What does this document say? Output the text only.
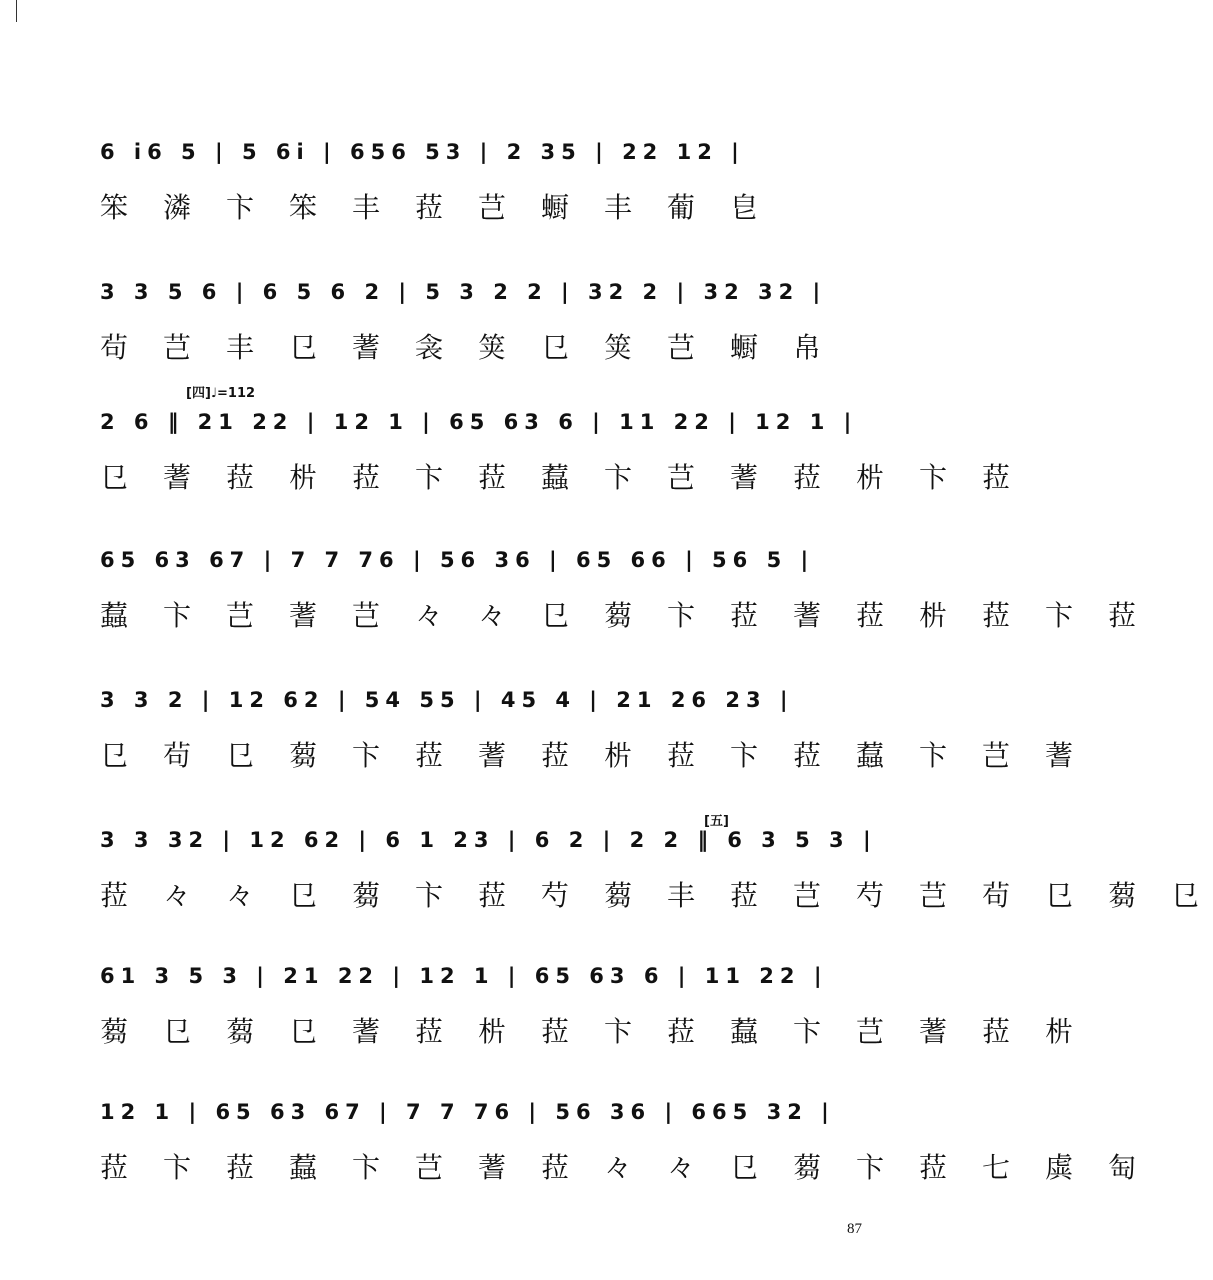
6 i6 5 | 5 6i | 656 53 | 2 35 | 22 12 |
笨 潾 卞 笨 丰 菈 芑 蟵 丰 葡 皀
3 3 5 6 | 6 5 6 2 | 5 3 2 2 | 32 2 | 32 32 |
茍 芑 丰 㔾 蓍 衾 䇲 㔾 䇲 芑 蟵 帛
[四]♩=112
2 6 ‖ 21 22 | 12 1 | 65 63 6 | 11 22 | 12 1 |
㔾 蓍 菈 㭊 菈 卞 菈 蠚 卞 芑 蓍 菈 㭊 卞 菈
65 63 67 | 7 7 76 | 56 36 | 65 66 | 56 5 |
蠚 卞 芑 蓍 芑 々 々 㔾 蒭 卞 菈 蓍 菈 㭊 菈 卞 菈
3 3 2 | 12 62 | 54 55 | 45 4 | 21 26 23 |
㔾 茍 㔾 蒭 卞 菈 蓍 菈 㭊 菈 卞 菈 蠚 卞 芑 蓍
[五]
3 3 32 | 12 62 | 6 1 23 | 6 2 | 2 2 ‖ 6 3 5 3 |
菈 々 々 㔾 蒭 卞 菈 芍 蒭 丰 菈 芑 芍 芑 茍 㔾 蒭 㔾
61 3 5 3 | 21 22 | 12 1 | 65 63 6 | 11 22 |
蒭 㔾 蒭 㔾 蓍 菈 㭊 菈 卞 菈 蠚 卞 芑 蓍 菈 㭊
12 1 | 65 63 67 | 7 7 76 | 56 36 | 665 32 |
菈 卞 菈 蠚 卞 芑 蓍 菈 々 々 㔾 蒭 卞 菈 七 虡 匋
87
